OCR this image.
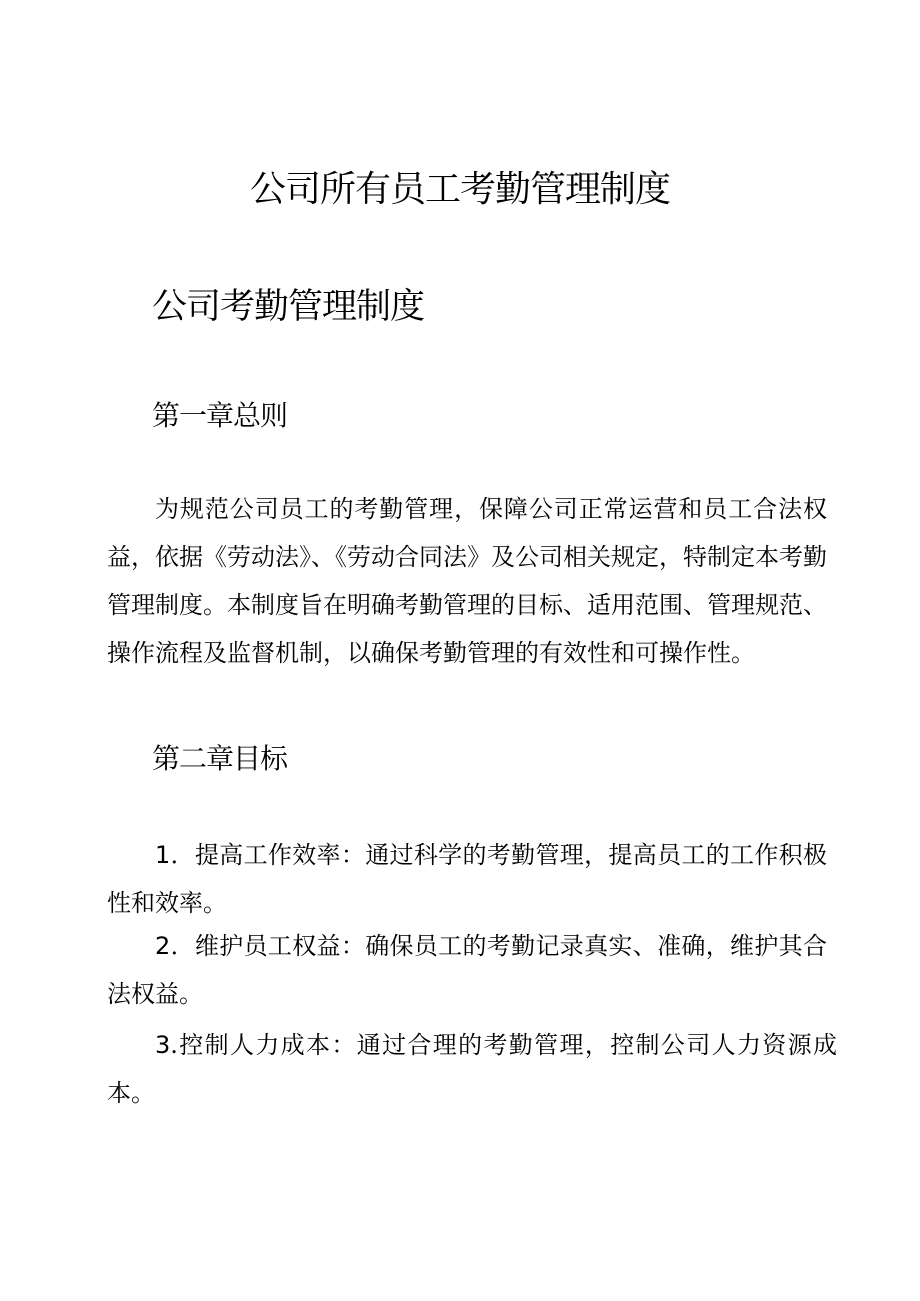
公司所有员工考勤管理制度
公司考勤管理制度
第一章总则

为规范公司员工的考勤管理，保障公司正常运营和员工合法权益，依据《劳动法》、《劳动合同法》及公司相关规定，特制定本考勤管理制度。本制度旨在明确考勤管理的目标、适用范围、管理规范、操作流程及监督机制，以确保考勤管理的有效性和可操作性。

第二章目标

1．提高工作效率：通过科学的考勤管理，提高员工的工作积极性和效率。

2．维护员工权益：确保员工的考勤记录真实、准确，维护其合法权益。

3.控制人力成本：通过合理的考勤管理，控制公司人力资源成本。
